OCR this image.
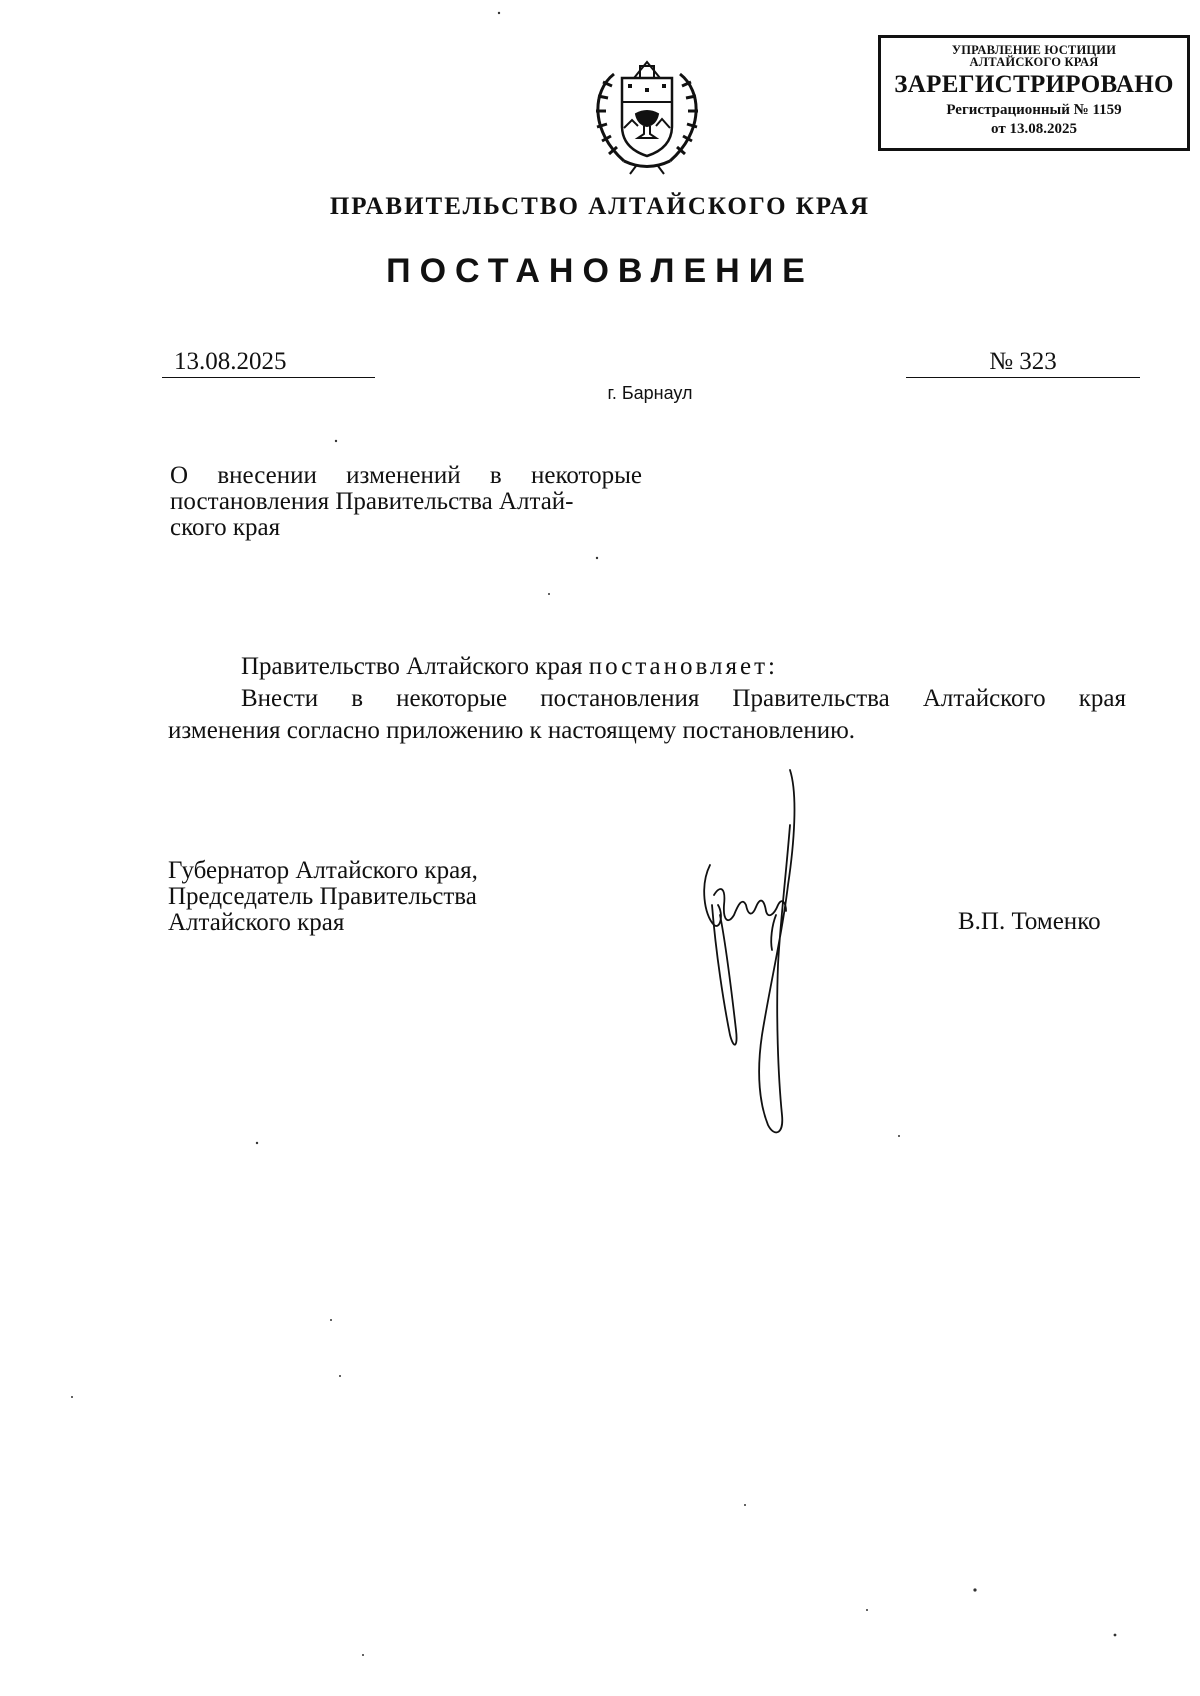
УПРАВЛЕНИЕ ЮСТИЦИИ
АЛТАЙСКОГО КРАЯ
ЗАРЕГИСТРИРОВАНО
Регистрационный № 1159
от 13.08.2025
ПРАВИТЕЛЬСТВО АЛТАЙСКОГО КРАЯ
ПОСТАНОВЛЕНИЕ
13.08.2025	№ 323
г. Барнаул
О внесении изменений в некоторые
постановления Правительства Алтай-
ского края
Правительство Алтайского края постановляет:
Внести в некоторые постановления Правительства Алтайского края
изменения согласно приложению к настоящему постановлению.
Губернатор Алтайского края,
Председатель Правительства
Алтайского края	В.П. Томенко
